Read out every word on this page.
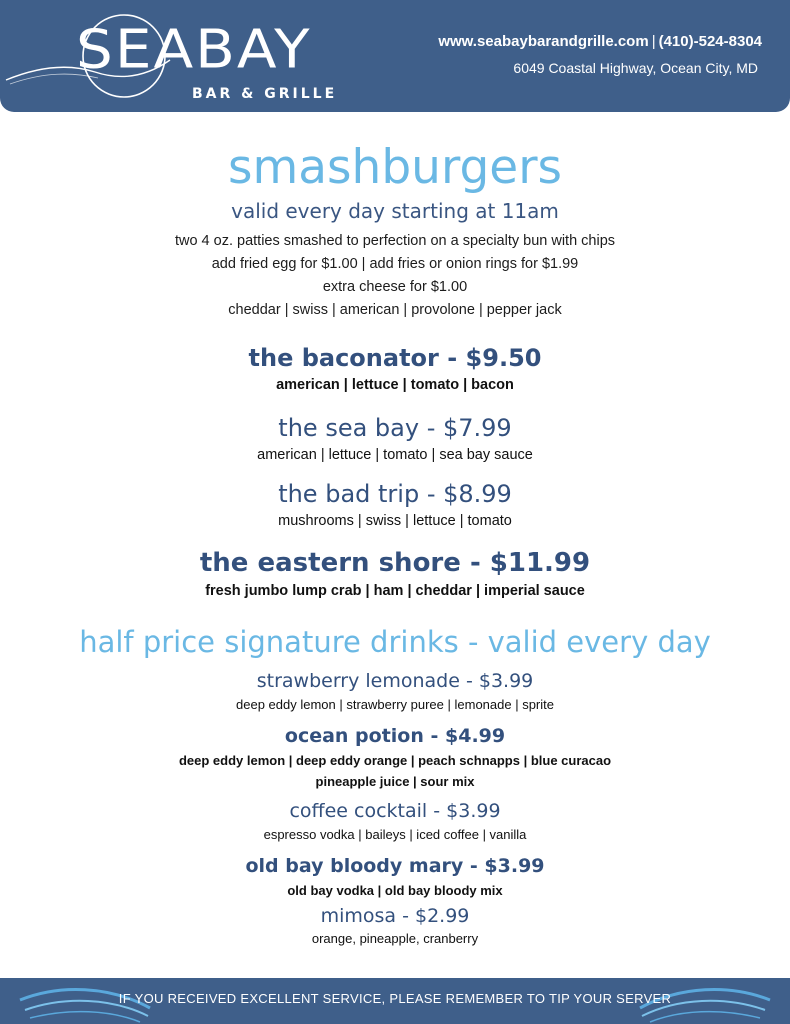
SEABAY
BAR & GRILLE
www.seabaybarandgrille.com | (410)-524-8304
6049 Coastal Highway, Ocean City, MD
smashburgers
valid every day starting at 11am
two 4 oz. patties smashed to perfection on a specialty bun with chips
add fried egg for $1.00 | add fries or onion rings for $1.99
extra cheese for $1.00
cheddar | swiss | american | provolone | pepper jack
the baconator - $9.50
american | lettuce | tomato | bacon
the sea bay - $7.99
american | lettuce | tomato | sea bay sauce
the bad trip - $8.99
mushrooms | swiss | lettuce | tomato
the eastern shore - $11.99
fresh jumbo lump crab | ham | cheddar | imperial sauce
half price signature drinks - valid every day
strawberry lemonade - $3.99
deep eddy lemon | strawberry puree | lemonade | sprite
ocean potion - $4.99
deep eddy lemon | deep eddy orange | peach schnapps | blue curacao
pineapple juice | sour mix
coffee cocktail - $3.99
espresso vodka | baileys | iced coffee | vanilla
old bay bloody mary - $3.99
old bay vodka | old bay bloody mix
mimosa - $2.99
orange, pineapple, cranberry
IF YOU RECEIVED EXCELLENT SERVICE, PLEASE REMEMBER TO TIP YOUR SERVER
